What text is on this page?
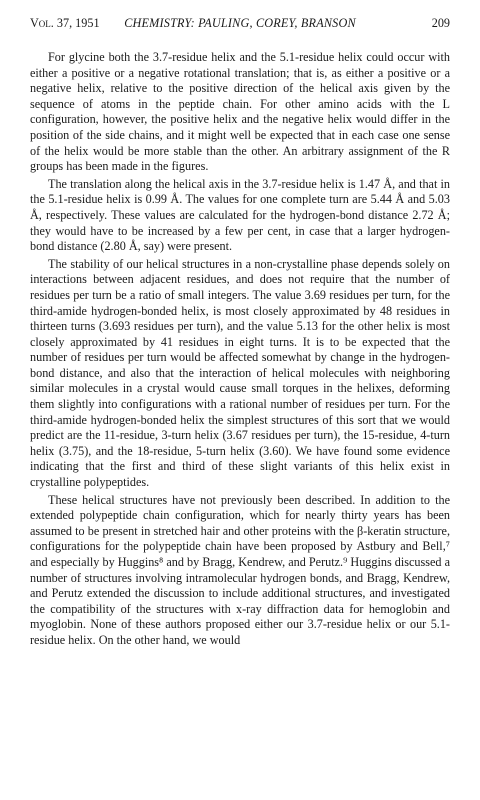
Vol. 37, 1951	CHEMISTRY: PAULING, COREY, BRANSON	209

For glycine both the 3.7-residue helix and the 5.1-residue helix could occur with either a positive or a negative rotational translation; that is, as either a positive or a negative helix, relative to the positive direction of the helical axis given by the sequence of atoms in the peptide chain. For other amino acids with the L configuration, however, the positive helix and the negative helix would differ in the position of the side chains, and it might well be expected that in each case one sense of the helix would be more stable than the other. An arbitrary assignment of the R groups has been made in the figures.

The translation along the helical axis in the 3.7-residue helix is 1.47 Å, and that in the 5.1-residue helix is 0.99 Å. The values for one complete turn are 5.44 Å and 5.03 Å, respectively. These values are calculated for the hydrogen-bond distance 2.72 Å; they would have to be increased by a few per cent, in case that a larger hydrogen-bond distance (2.80 Å, say) were present.

The stability of our helical structures in a non-crystalline phase depends solely on interactions between adjacent residues, and does not require that the number of residues per turn be a ratio of small integers. The value 3.69 residues per turn, for the third-amide hydrogen-bonded helix, is most closely approximated by 48 residues in thirteen turns (3.693 residues per turn), and the value 5.13 for the other helix is most closely approximated by 41 residues in eight turns. It is to be expected that the number of residues per turn would be affected somewhat by change in the hydrogen-bond distance, and also that the interaction of helical molecules with neighboring similar molecules in a crystal would cause small torques in the helixes, deforming them slightly into configurations with a rational number of residues per turn. For the third-amide hydrogen-bonded helix the simplest structures of this sort that we would predict are the 11-residue, 3-turn helix (3.67 residues per turn), the 15-residue, 4-turn helix (3.75), and the 18-residue, 5-turn helix (3.60). We have found some evidence indicating that the first and third of these slight variants of this helix exist in crystalline polypeptides.

These helical structures have not previously been described. In addition to the extended polypeptide chain configuration, which for nearly thirty years has been assumed to be present in stretched hair and other proteins with the β-keratin structure, configurations for the polypeptide chain have been proposed by Astbury and Bell,⁷ and especially by Huggins⁸ and by Bragg, Kendrew, and Perutz.⁹ Huggins discussed a number of structures involving intramolecular hydrogen bonds, and Bragg, Kendrew, and Perutz extended the discussion to include additional structures, and investigated the compatibility of the structures with x-ray diffraction data for hemoglobin and myoglobin. None of these authors proposed either our 3.7-residue helix or our 5.1-residue helix. On the other hand, we would
